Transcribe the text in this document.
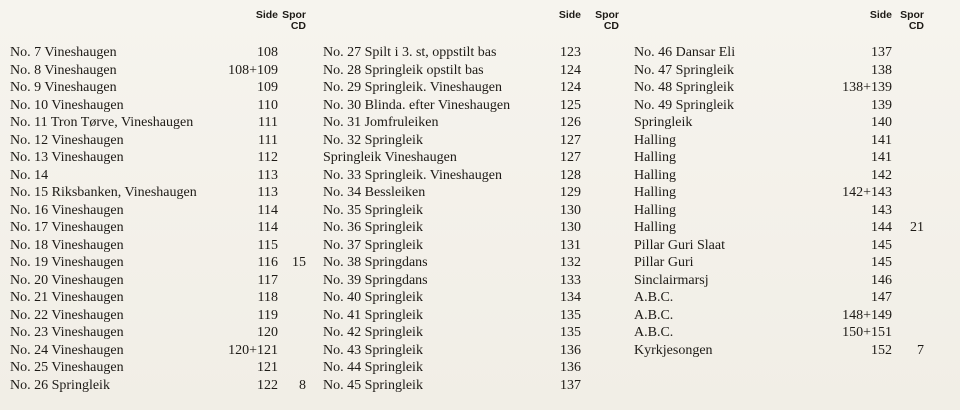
Side Spor
CD
No. 7 Vineshaugen	108
No. 8 Vineshaugen	108+109
No. 9 Vineshaugen	109
No. 10 Vineshaugen	110
No. 11 Tron Tørve, Vineshaugen	111
No. 12 Vineshaugen	111
No. 13 Vineshaugen	112
No. 14	113
No. 15 Riksbanken, Vineshaugen	113
No. 16 Vineshaugen	114
No. 17 Vineshaugen	114
No. 18 Vineshaugen	115
No. 19 Vineshaugen	116	15
No. 20 Vineshaugen	117
No. 21 Vineshaugen	118
No. 22 Vineshaugen	119
No. 23 Vineshaugen	120
No. 24 Vineshaugen	120+121
No. 25 Vineshaugen	121
No. 26 Springleik	122	8
Side	Spor
CD
No. 27 Spilt i 3. st, oppstilt bas	123
No. 28 Springleik opstilt bas	124
No. 29 Springleik. Vineshaugen	124
No. 30 Blinda. efter Vineshaugen	125
No. 31 Jomfruleiken	126
No. 32 Springleik	127
Springleik Vineshaugen	127
No. 33 Springleik. Vineshaugen	128
No. 34 Bessleiken	129
No. 35 Springleik	130
No. 36 Springleik	130
No. 37 Springleik	131
No. 38 Springdans	132
No. 39 Springdans	133
No. 40 Springleik	134
No. 41 Springleik	135
No. 42 Springleik	135
No. 43 Springleik	136
No. 44 Springleik	136
No. 45 Springleik	137
Side Spor
CD
No. 46 Dansar Eli	137
No. 47 Springleik	138
No. 48 Springleik	138+139
No. 49 Springleik	139
Springleik	140
Halling	141
Halling	141
Halling	142
Halling	142+143
Halling	143
Halling	144	21
Pillar Guri Slaat	145
Pillar Guri	145
Sinclairmarsj	146
A.B.C.	147
A.B.C.	148+149
A.B.C.	150+151
Kyrkjesongen	152	7
